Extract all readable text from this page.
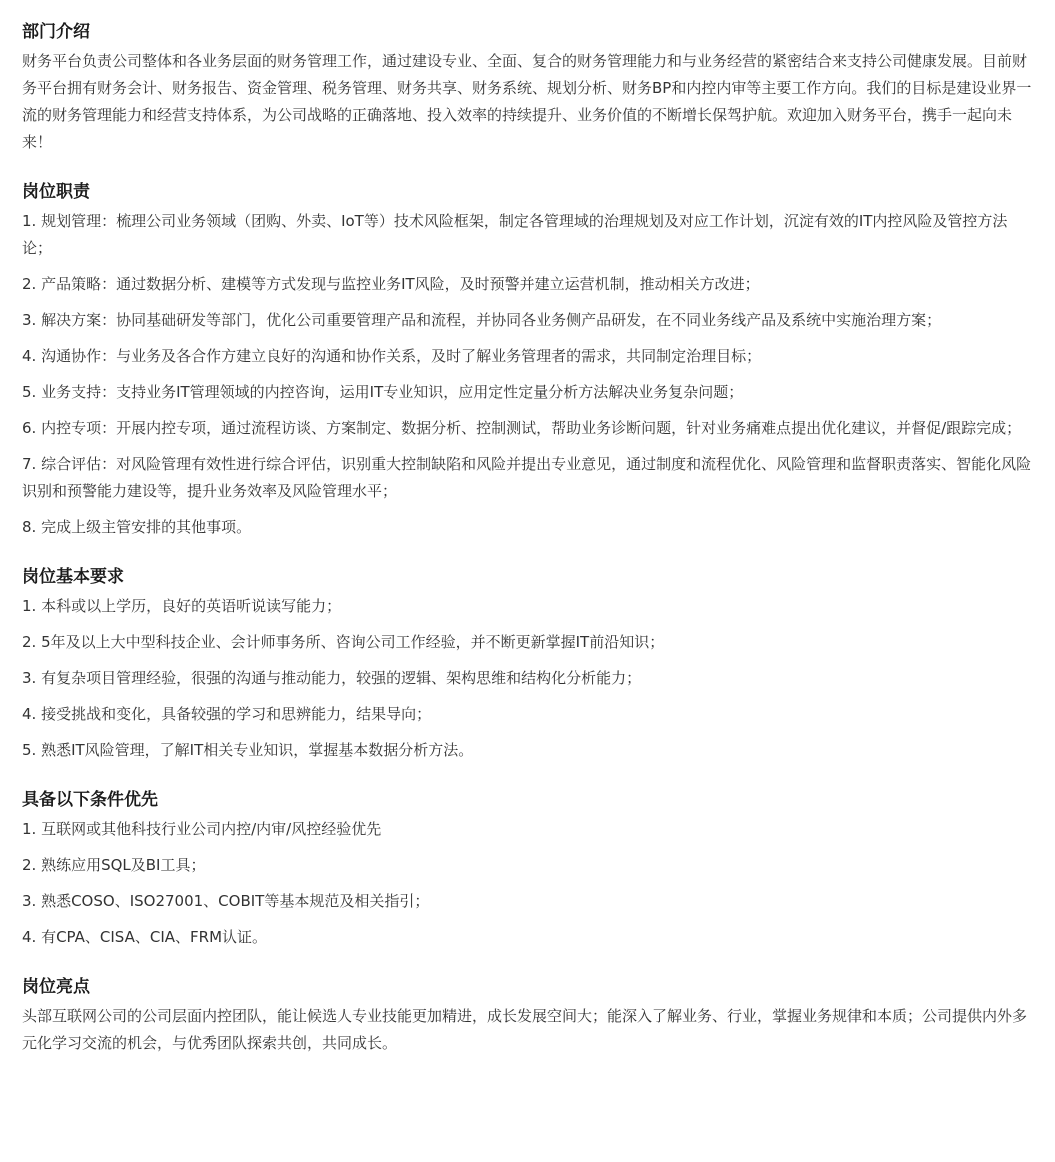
部门介绍

财务平台负责公司整体和各业务层面的财务管理工作，通过建设专业、全面、复合的财务管理能力和与业务经营的紧密结合来支持公司健康发展。目前财务平台拥有财务会计、财务报告、资金管理、税务管理、财务共享、财务系统、规划分析、财务BP和内控内审等主要工作方向。我们的目标是建设业界一流的财务管理能力和经营支持体系，为公司战略的正确落地、投入效率的持续提升、业务价值的不断增长保驾护航。欢迎加入财务平台，携手一起向未来！

岗位职责

1. 规划管理：梳理公司业务领域（团购、外卖、IoT等）技术风险框架，制定各管理域的治理规划及对应工作计划，沉淀有效的IT内控风险及管控方法论；

2. 产品策略：通过数据分析、建模等方式发现与监控业务IT风险，及时预警并建立运营机制，推动相关方改进；

3. 解决方案：协同基础研发等部门，优化公司重要管理产品和流程，并协同各业务侧产品研发，在不同业务线产品及系统中实施治理方案；

4. 沟通协作：与业务及各合作方建立良好的沟通和协作关系，及时了解业务管理者的需求，共同制定治理目标；

5. 业务支持：支持业务IT管理领域的内控咨询，运用IT专业知识，应用定性定量分析方法解决业务复杂问题；

6. 内控专项：开展内控专项，通过流程访谈、方案制定、数据分析、控制测试，帮助业务诊断问题，针对业务痛难点提出优化建议，并督促/跟踪完成；

7. 综合评估：对风险管理有效性进行综合评估，识别重大控制缺陷和风险并提出专业意见，通过制度和流程优化、风险管理和监督职责落实、智能化风险识别和预警能力建设等，提升业务效率及风险管理水平；

8. 完成上级主管安排的其他事项。

岗位基本要求

1. 本科或以上学历，良好的英语听说读写能力；

2. 5年及以上大中型科技企业、会计师事务所、咨询公司工作经验，并不断更新掌握IT前沿知识；

3. 有复杂项目管理经验，很强的沟通与推动能力，较强的逻辑、架构思维和结构化分析能力；

4. 接受挑战和变化，具备较强的学习和思辨能力，结果导向；

5. 熟悉IT风险管理，了解IT相关专业知识，掌握基本数据分析方法。

具备以下条件优先

1. 互联网或其他科技行业公司内控/内审/风控经验优先

2. 熟练应用SQL及BI工具；

3. 熟悉COSO、ISO27001、COBIT等基本规范及相关指引；

4. 有CPA、CISA、CIA、FRM认证。

岗位亮点

头部互联网公司的公司层面内控团队，能让候选人专业技能更加精进，成长发展空间大；能深入了解业务、行业，掌握业务规律和本质；公司提供内外多元化学习交流的机会，与优秀团队探索共创，共同成长。
